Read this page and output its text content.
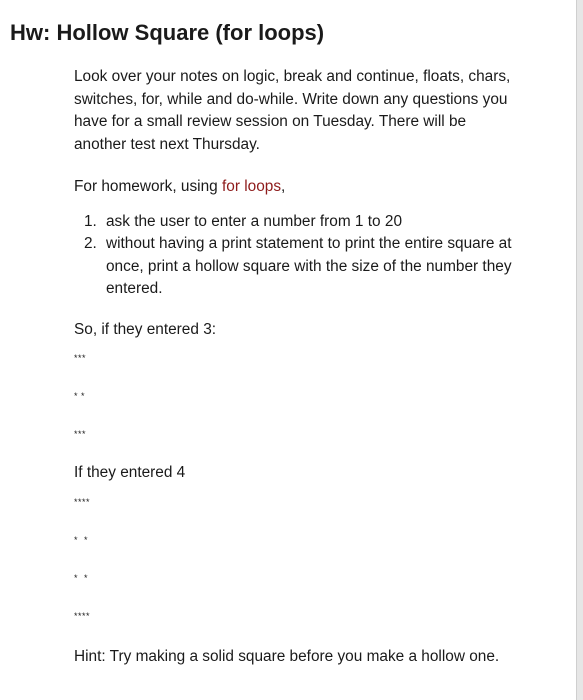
Hw: Hollow Square (for loops)

Look over your notes on logic, break and continue, floats, chars, switches, for, while and do-while. Write down any questions you have for a small review session on Tuesday. There will be another test next Thursday.

For homework, using for loops,

1. ask the user to enter a number from 1 to 20
2. without having a print statement to print the entire square at once, print a hollow square with the size of the number they entered.

So, if they entered 3:

***
* *
***

If they entered 4

****
*  *
*  *
****

Hint: Try making a solid square before you make a hollow one.
